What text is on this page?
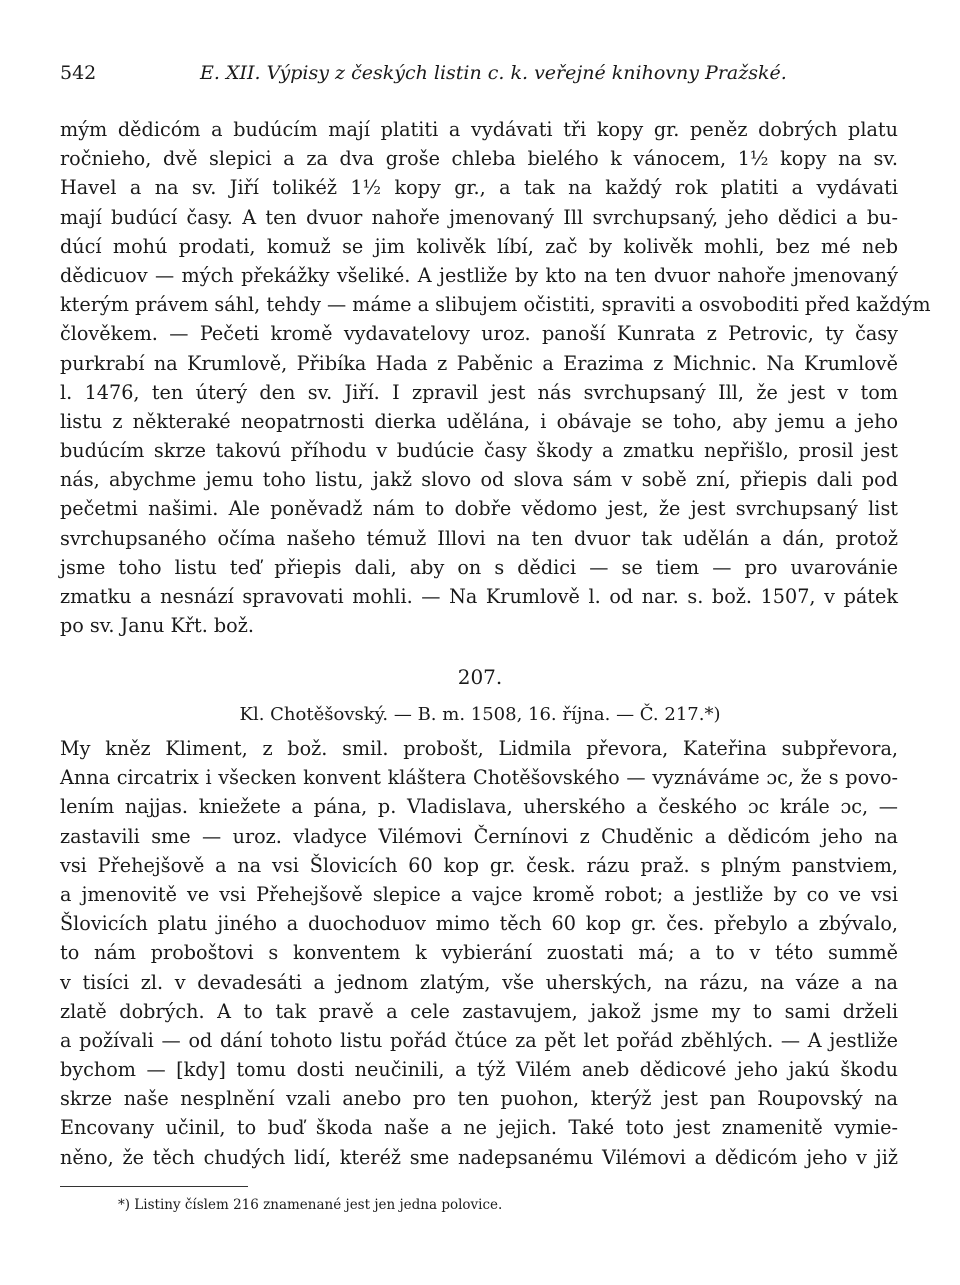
542	E. XII. Výpisy z českých listin c. k. veřejné knihovny Pražské.
mým dědicóm a budúcím mají platiti a vydávati tři kopy gr. peněz dobrých platu
ročnieho, dvě slepici a za dva groše chleba bielého k vánocem, 1½ kopy na sv.
Havel a na sv. Jiří tolikéž 1½ kopy gr., a tak na každý rok platiti a vydávati
mají budúcí časy. A ten dvuor nahoře jmenovaný Ill svrchupsaný, jeho dědici a bu-
dúcí mohú prodati, komuž se jim kolivěk líbí, zač by kolivěk mohli, bez mé neb
dědicuov — mých překážky všeliké. A jestliže by kto na ten dvuor nahoře jmenovaný
kterým právem sáhl, tehdy — máme a slibujem očistiti, spraviti a osvoboditi před každým
člověkem. — Pečeti kromě vydavatelovy uroz. panoší Kunrata z Petrovic, ty časy
purkrabí na Krumlově, Přibíka Hada z Paběnic a Erazima z Michnic. Na Krumlově
l. 1476, ten úterý den sv. Jiří. I zpravil jest nás svrchupsaný Ill, že jest v tom
listu z některaké neopatrnosti dierka udělána, i obávaje se toho, aby jemu a jeho
budúcím skrze takovú příhodu v budúcie časy škody a zmatku nepřišlo, prosil jest
nás, abychme jemu toho listu, jakž slovo od slova sám v sobě zní, přiepis dali pod
pečetmi našimi. Ale poněvadž nám to dobře vědomo jest, že jest svrchupsaný list
svrchupsaného očíma našeho témuž Illovi na ten dvuor tak udělán a dán, protož
jsme toho listu teď přiepis dali, aby on s dědici — se tiem — pro uvarovánie
zmatku a nesnází spravovati mohli. — Na Krumlově l. od nar. s. bož. 1507, v pátek
po sv. Janu Křt. bož.
207.
Kl. Chotěšovský. — B. m. 1508, 16. října. — Č. 217.*)
My kněz Kliment, z bož. smil. probošt, Lidmila převora, Kateřina subpřevora,
Anna circatrix i všecken konvent kláštera Chotěšovského — vyznáváme ɔc, že s povo-
lením najjas. kniežete a pána, p. Vladislava, uherského a českého ɔc krále ɔc, —
zastavili sme — uroz. vladyce Vilémovi Černínovi z Chuděnic a dědicóm jeho na
vsi Přehejšově a na vsi Šlovicích 60 kop gr. česk. rázu praž. s plným panstviem,
a jmenovitě ve vsi Přehejšově slepice a vajce kromě robot; a jestliže by co ve vsi
Šlovicích platu jiného a duochoduov mimo těch 60 kop gr. čes. přebylo a zbývalo,
to nám proboštovi s konventem k vybierání zuostati má; a to v této summě
v tisíci zl. v devadesáti a jednom zlatým, vše uherských, na rázu, na váze a na
zlatě dobrých. A to tak pravě a cele zastavujem, jakož jsme my to sami drželi
a požívali — od dání tohoto listu pořád čtúce za pět let pořád zběhlých. — A jestliže
bychom — [kdy] tomu dosti neučinili, a týž Vilém aneb dědicové jeho jakú škodu
skrze naše nesplnění vzali anebo pro ten puohon, kterýž jest pan Roupovský na
Encovany učinil, to buď škoda naše a ne jejich. Také toto jest znamenitě vymie-
něno, že těch chudých lidí, kteréž sme nadepsanému Vilémovi a dědicóm jeho v již
*) Listiny číslem 216 znamenané jest jen jedna polovice.
